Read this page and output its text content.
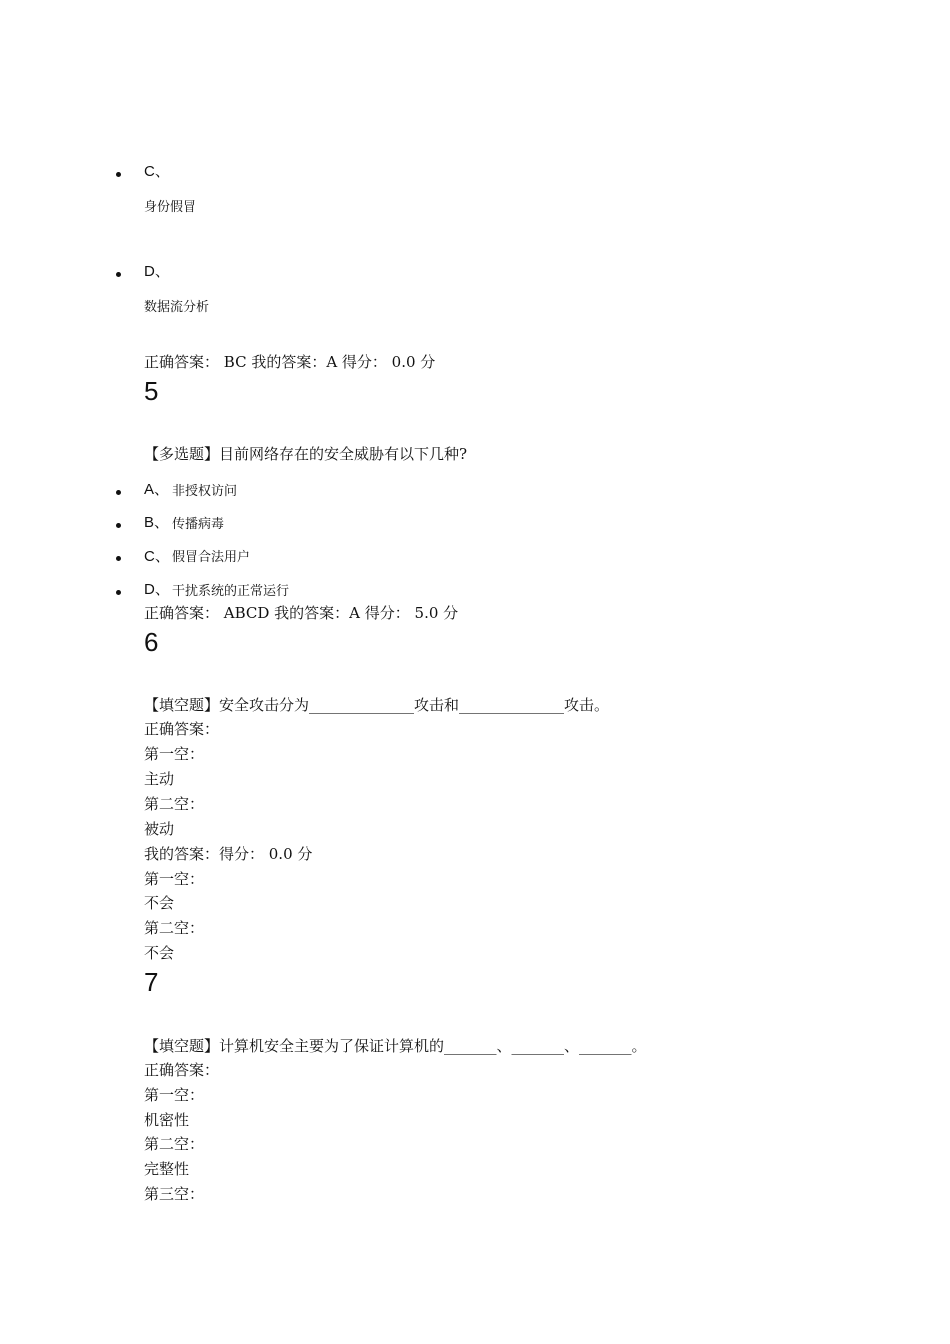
C、
身份假冒
D、
数据流分析
正确答案： BC 我的答案：A 得分： 0.0 分
5
【多选题】目前网络存在的安全威胁有以下几种?
A、 非授权访问
B、 传播病毒
C、 假冒合法用户
D、 干扰系统的正常运行
正确答案： ABCD 我的答案：A 得分： 5.0 分
6
【填空题】安全攻击分为______________攻击和______________攻击。
正确答案：
第一空：
主动
第二空：
被动
我的答案：得分： 0.0 分
第一空：
不会
第二空：
不会
7
【填空题】计算机安全主要为了保证计算机的_______、_______、_______。
正确答案：
第一空：
机密性
第二空：
完整性
第三空：
